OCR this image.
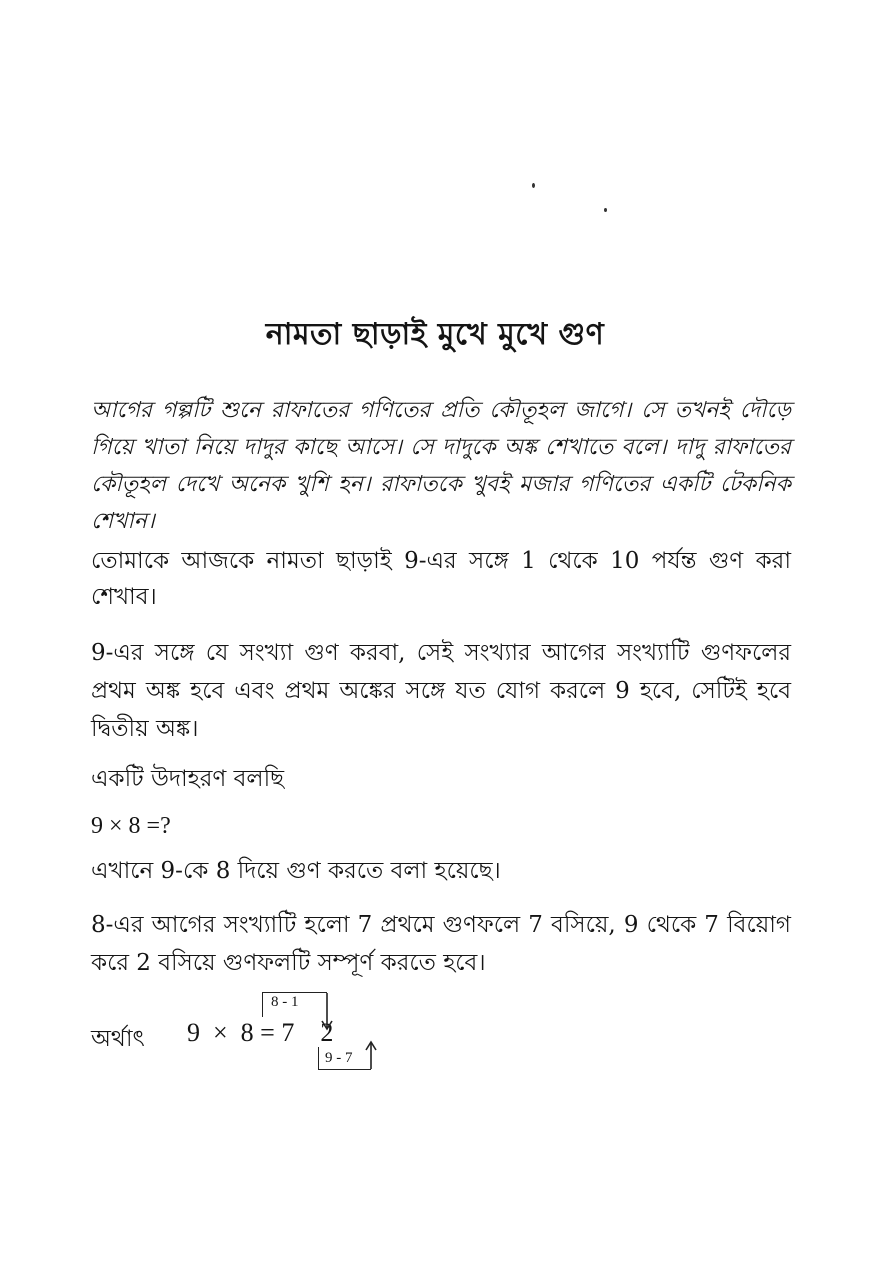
নামতা ছাড়াই মুখে মুখে গুণ
আগের গল্পটি শুনে রাফাতের গণিতের প্রতি কৌতূহল জাগে। সে তখনই দৌড়ে গিয়ে খাতা নিয়ে দাদুর কাছে আসে। সে দাদুকে অঙ্ক শেখাতে বলে। দাদু রাফাতের কৌতূহল দেখে অনেক খুশি হন। রাফাতকে খুবই মজার গণিতের একটি টেকনিক শেখান।
তোমাকে আজকে নামতা ছাড়াই 9-এর সঙ্গে 1 থেকে 10 পর্যন্ত গুণ করা শেখাব।
9-এর সঙ্গে যে সংখ্যা গুণ করবা, সেই সংখ্যার আগের সংখ্যাটি গুণফলের প্রথম অঙ্ক হবে এবং প্রথম অঙ্কের সঙ্গে যত যোগ করলে 9 হবে, সেটিই হবে দ্বিতীয় অঙ্ক।
একটি উদাহরণ বলছি
9 × 8 =?
এখানে 9-কে 8 দিয়ে গুণ করতে বলা হয়েছে।
8-এর আগের সংখ্যাটি হলো 7 প্রথমে গুণফলে 7 বসিয়ে, 9 থেকে 7 বিয়োগ করে 2 বসিয়ে গুণফলটি সম্পূর্ণ করতে হবে।
অর্থাৎ 9  ×  8 = 7    2
8 - 1
9 - 7
